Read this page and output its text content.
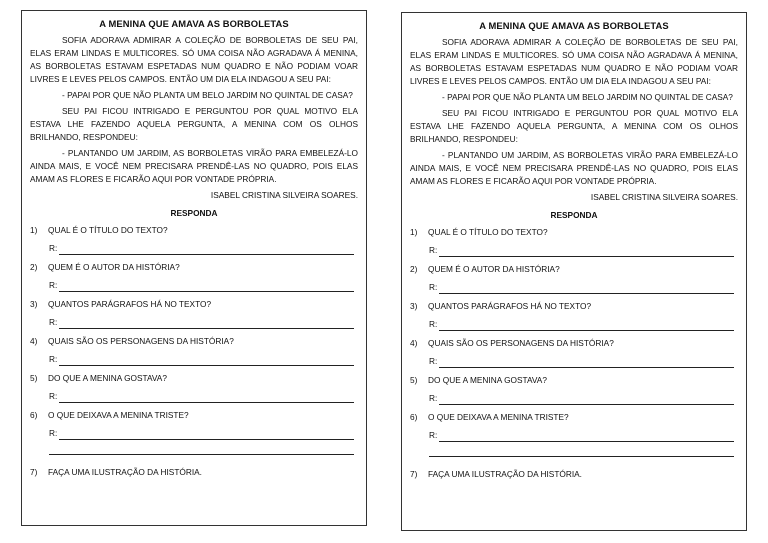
A MENINA QUE AMAVA AS BORBOLETAS

SOFIA ADORAVA ADMIRAR A COLEÇÃO DE BORBOLETAS DE SEU PAI, ELAS ERAM LINDAS E MULTICORES. SÓ UMA COISA NÃO AGRADAVA Á MENINA, AS BORBOLETAS ESTAVAM ESPETADAS NUM QUADRO E NÃO PODIAM VOAR LIVRES E LEVES PELOS CAMPOS. ENTÃO UM DIA ELA INDAGOU A SEU PAI:

- PAPAI POR QUE NÃO PLANTA UM BELO JARDIM NO QUINTAL DE CASA?

SEU PAI FICOU INTRIGADO E PERGUNTOU POR QUAL MOTIVO ELA ESTAVA LHE FAZENDO AQUELA PERGUNTA, A MENINA COM OS OLHOS BRILHANDO, RESPONDEU:

- PLANTANDO UM JARDIM, AS BORBOLETAS VIRÃO PARA EMBELEZÁ-LO AINDA MAIS, E VOCÊ NEM PRECISARA PRENDÊ-LAS NO QUADRO, POIS ELAS AMAM AS FLORES E FICARÃO AQUI POR VONTADE PRÓPRIA.

ISABEL CRISTINA SILVEIRA SOARES.
RESPONDA
1)	QUAL É O TÍTULO DO TEXTO?
R:
2)	QUEM É O AUTOR DA HISTÓRIA?
R:
3)	QUANTOS PARÁGRAFOS HÁ NO TEXTO?
R:
4)	QUAIS SÃO OS PERSONAGENS DA HISTÓRIA?
R:
5)	DO QUE A MENINA GOSTAVA?
R:
6)	O QUE DEIXAVA A MENINA TRISTE?
R:
7)	FAÇA UMA ILUSTRAÇÃO DA HISTÓRIA.
A MENINA QUE AMAVA AS BORBOLETAS

SOFIA ADORAVA ADMIRAR A COLEÇÃO DE BORBOLETAS DE SEU PAI, ELAS ERAM LINDAS E MULTICORES. SÓ UMA COISA NÃO AGRADAVA Á MENINA, AS BORBOLETAS ESTAVAM ESPETADAS NUM QUADRO E NÃO PODIAM VOAR LIVRES E LEVES PELOS CAMPOS. ENTÃO UM DIA ELA INDAGOU A SEU PAI:

- PAPAI POR QUE NÃO PLANTA UM BELO JARDIM NO QUINTAL DE CASA?

SEU PAI FICOU INTRIGADO E PERGUNTOU POR QUAL MOTIVO ELA ESTAVA LHE FAZENDO AQUELA PERGUNTA, A MENINA COM OS OLHOS BRILHANDO, RESPONDEU:

- PLANTANDO UM JARDIM, AS BORBOLETAS VIRÃO PARA EMBELEZÁ-LO AINDA MAIS, E VOCÊ NEM PRECISARA PRENDÊ-LAS NO QUADRO, POIS ELAS AMAM AS FLORES E FICARÃO AQUI POR VONTADE PRÓPRIA.

ISABEL CRISTINA SILVEIRA SOARES.
RESPONDA
1)	QUAL É O TÍTULO DO TEXTO?
R:
2)	QUEM É O AUTOR DA HISTÓRIA?
R:
3)	QUANTOS PARÁGRAFOS HÁ NO TEXTO?
R:
4)	QUAIS SÃO OS PERSONAGENS DA HISTÓRIA?
R:
5)	DO QUE A MENINA GOSTAVA?
R:
6)	O QUE DEIXAVA A MENINA TRISTE?
R:
7)	FAÇA UMA ILUSTRAÇÃO DA HISTÓRIA.
